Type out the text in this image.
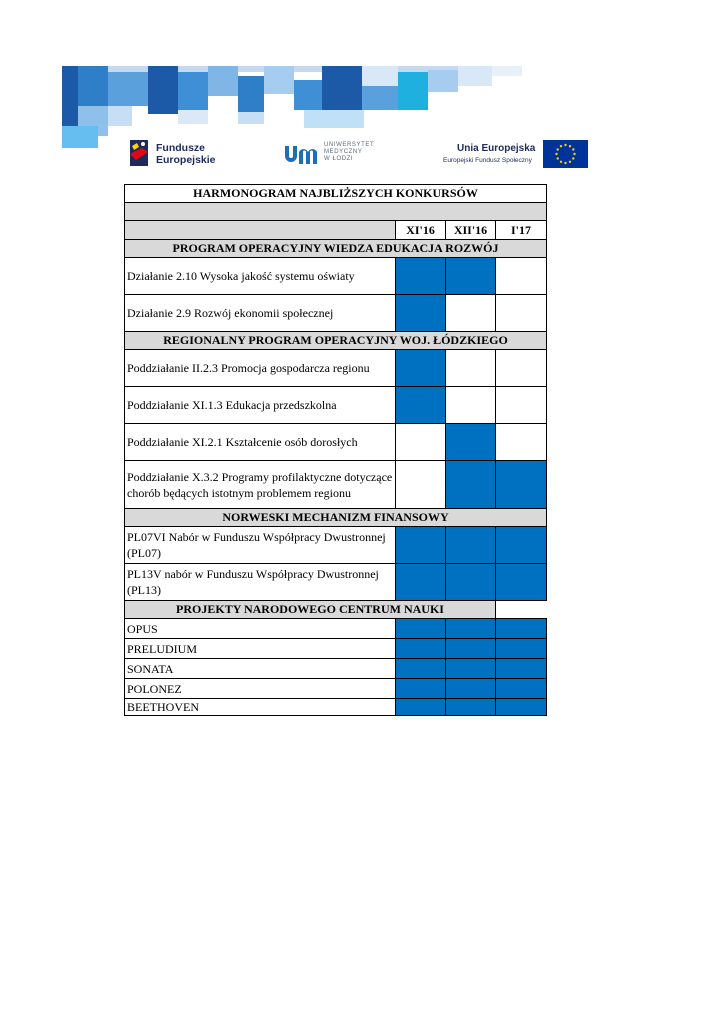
Fundusze
Europejskie
UNIWERSYTET
MEDYCZNY
W ŁODZI
Unia Europejska
Europejski Fundusz Społeczny
HARMONOGRAM NAJBLIŻSZYCH KONKURSÓW			

	XI'16	XII'16	I'17
PROGRAM OPERACYJNY WIEDZA EDUKACJA ROZWÓJ			
Działanie 2.10 Wysoka jakość systemu oświaty			
Działanie 2.9 Rozwój ekonomii społecznej			
REGIONALNY PROGRAM OPERACYJNY WOJ. ŁÓDZKIEGO			
Poddziałanie II.2.3 Promocja gospodarcza regionu			
Poddziałanie XI.1.3 Edukacja przedszkolna			
Poddziałanie XI.2.1 Kształcenie osób dorosłych			
Poddziałanie X.3.2 Programy profilaktyczne dotyczące chorób będących istotnym problemem regionu			
NORWESKI MECHANIZM FINANSOWY			
PL07VI Nabór w Funduszu Współpracy Dwustronnej (PL07)			
PL13V nabór w Funduszu Współpracy Dwustronnej (PL13)			
PROJEKTY NARODOWEGO CENTRUM NAUKI			
OPUS			
PRELUDIUM			
SONATA			
POLONEZ			
BEETHOVEN			
